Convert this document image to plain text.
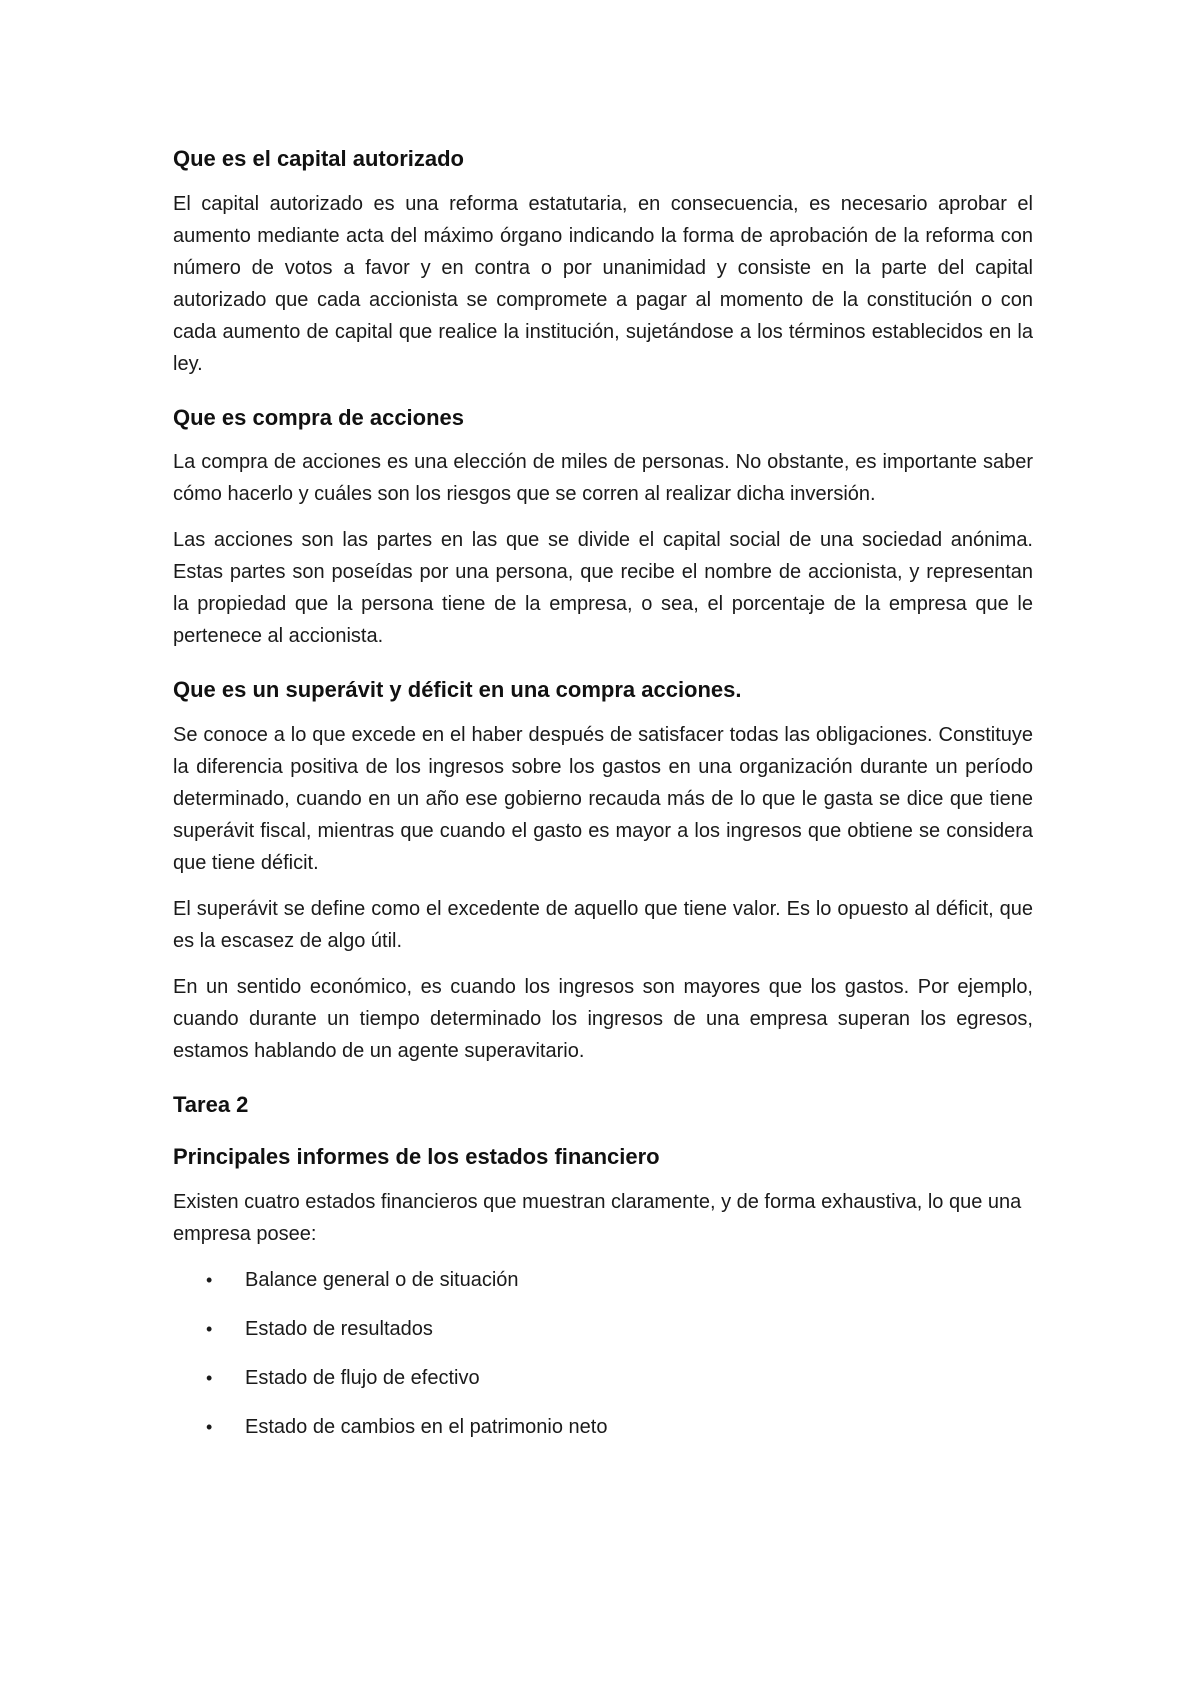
Que es el capital autorizado

El capital autorizado es una reforma estatutaria, en consecuencia, es necesario aprobar el aumento mediante acta del máximo órgano indicando la forma de aprobación de la reforma con número de votos a favor y en contra o por unanimidad y consiste en la parte del capital autorizado que cada accionista se compromete a pagar al momento de la constitución o con cada aumento de capital que realice la institución, sujetándose a los términos establecidos en la ley.

Que es compra de acciones

La compra de acciones es una elección de miles de personas. No obstante, es importante saber cómo hacerlo y cuáles son los riesgos que se corren al realizar dicha inversión.

Las acciones son las partes en las que se divide el capital social de una sociedad anónima. Estas partes son poseídas por una persona, que recibe el nombre de accionista, y representan la propiedad que la persona tiene de la empresa, o sea, el porcentaje de la empresa que le pertenece al accionista.

Que es un superávit y déficit en una compra acciones.

Se conoce a lo que excede en el haber después de satisfacer todas las obligaciones. Constituye la diferencia positiva de los ingresos sobre los gastos en una organización durante un período determinado, cuando en un año ese gobierno recauda más de lo que le gasta se dice que tiene superávit fiscal, mientras que cuando el gasto es mayor a los ingresos que obtiene se considera que tiene déficit.

El superávit se define como el excedente de aquello que tiene valor. Es lo opuesto al déficit, que es la escasez de algo útil.

En un sentido económico, es cuando los ingresos son mayores que los gastos. Por ejemplo, cuando durante un tiempo determinado los ingresos de una empresa superan los egresos, estamos hablando de un agente superavitario.

Tarea 2
Principales informes de los estados financiero

Existen cuatro estados financieros que muestran claramente, y de forma exhaustiva, lo que una empresa posee:

• Balance general o de situación
• Estado de resultados
• Estado de flujo de efectivo
• Estado de cambios en el patrimonio neto
